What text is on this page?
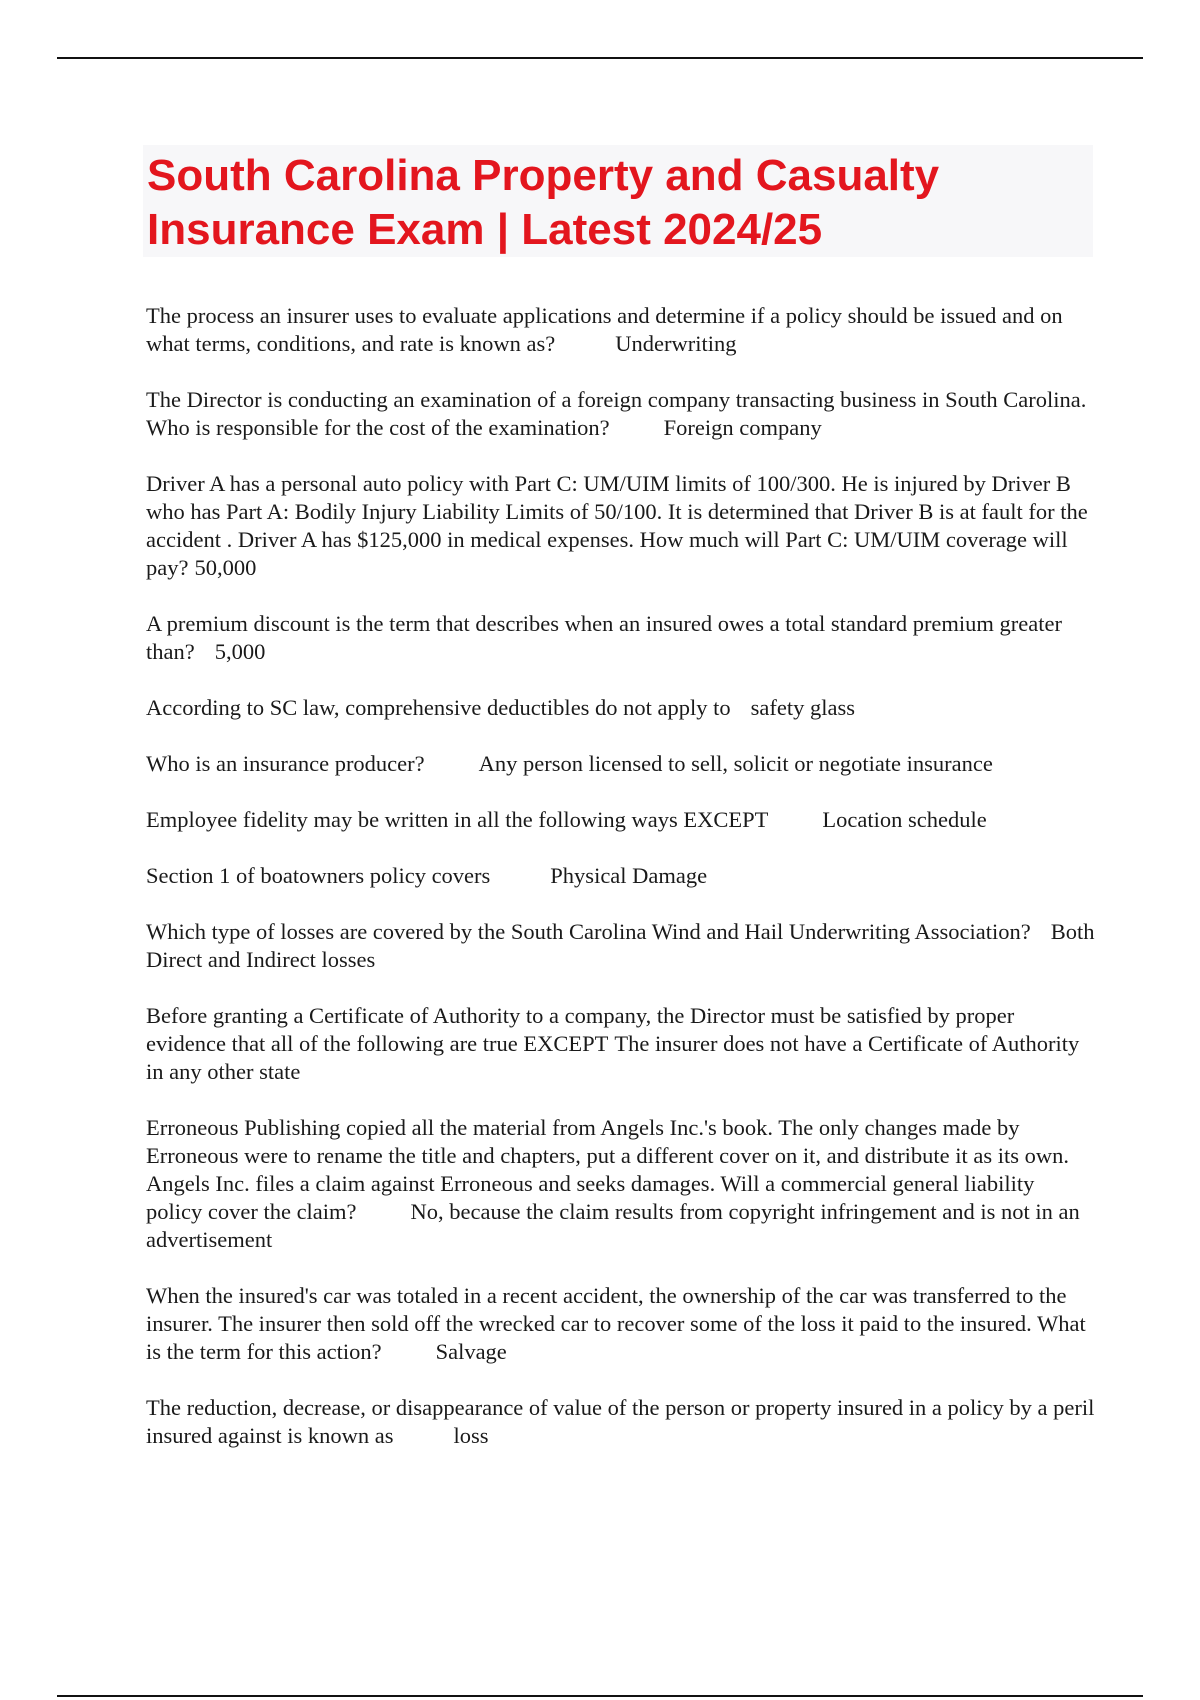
South Carolina Property and Casualty Insurance Exam | Latest 2024/25

The process an insurer uses to evaluate applications and determine if a policy should be issued and on what terms, conditions, and rate is known as?	Underwriting

The Director is conducting an examination of a foreign company transacting business in South Carolina. Who is responsible for the cost of the examination? Foreign company

Driver A has a personal auto policy with Part C: UM/UIM limits of 100/300. He is injured by Driver B who has Part A: Bodily Injury Liability Limits of 50/100. It is determined that Driver B is at fault for the accident . Driver A has $125,000 in medical expenses. How much will Part C: UM/UIM coverage will pay? 50,000

A premium discount is the term that describes when an insured owes a total standard premium greater than? 5,000

According to SC law, comprehensive deductibles do not apply to safety glass

Who is an insurance producer? Any person licensed to sell, solicit or negotiate insurance

Employee fidelity may be written in all the following ways EXCEPT Location schedule

Section 1 of boatowners policy covers	Physical Damage

Which type of losses are covered by the South Carolina Wind and Hail Underwriting Association? Both Direct and Indirect losses

Before granting a Certificate of Authority to a company, the Director must be satisfied by proper evidence that all of the following are true EXCEPT The insurer does not have a Certificate of Authority in any other state

Erroneous Publishing copied all the material from Angels Inc.'s book. The only changes made by Erroneous were to rename the title and chapters, put a different cover on it, and distribute it as its own. Angels Inc. files a claim against Erroneous and seeks damages. Will a commercial general liability policy cover the claim? No, because the claim results from copyright infringement and is not in an advertisement

When the insured's car was totaled in a recent accident, the ownership of the car was transferred to the insurer. The insurer then sold off the wrecked car to recover some of the loss it paid to the insured. What is the term for this action? Salvage

The reduction, decrease, or disappearance of value of the person or property insured in a policy by a peril insured against is known as	loss
